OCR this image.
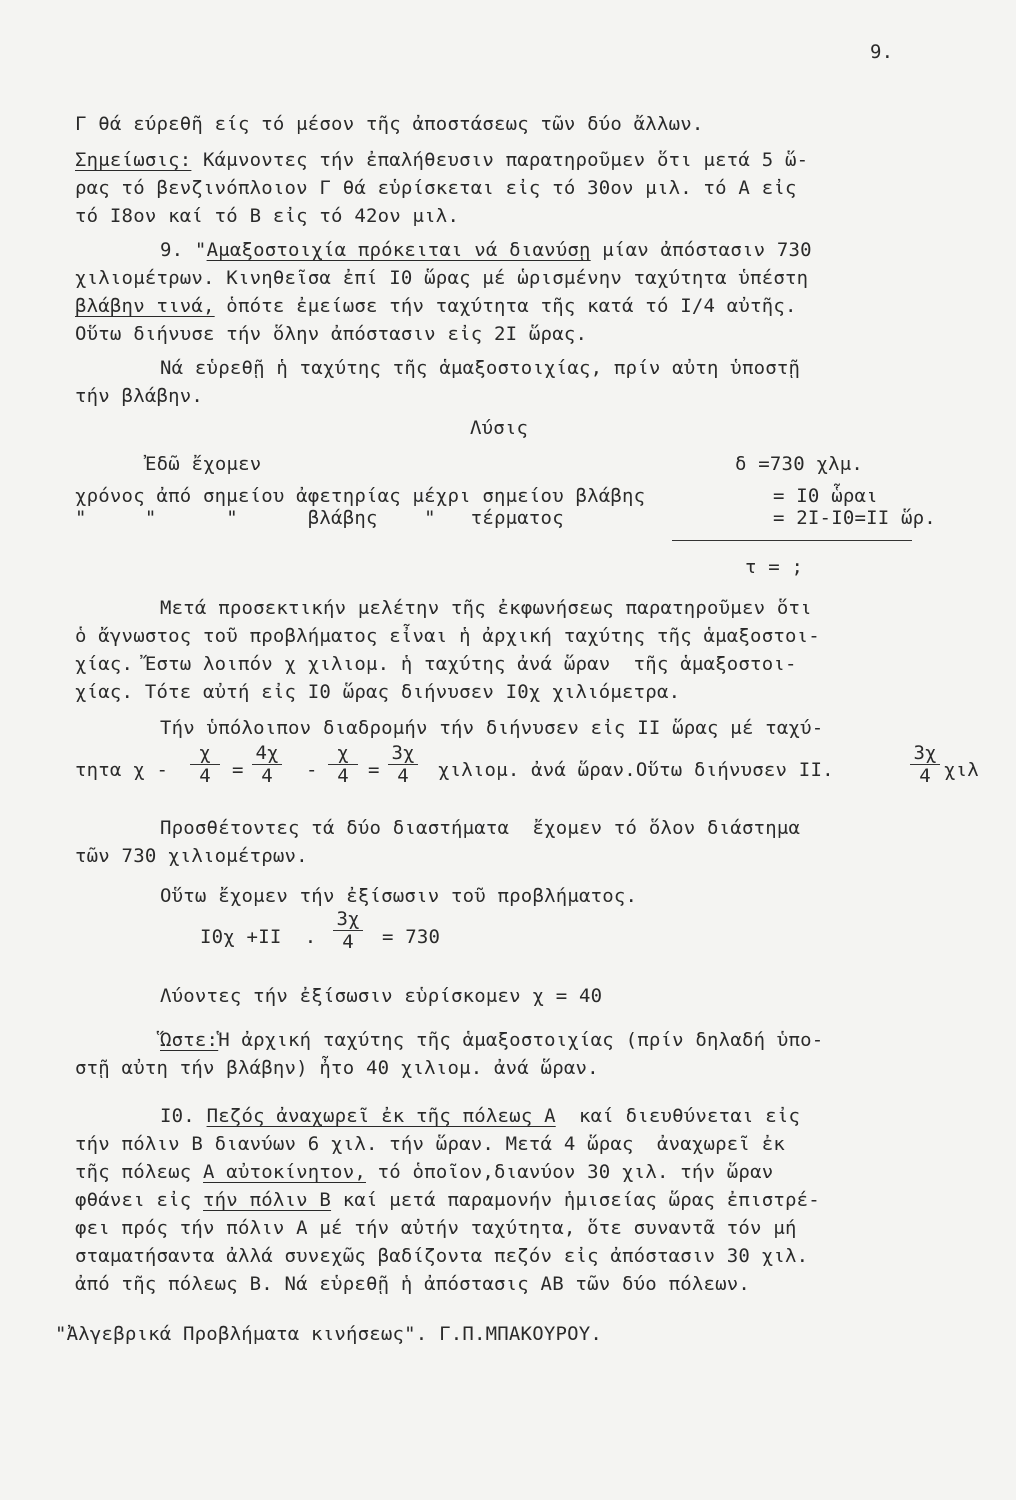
9.
Γ θά εύρεθῆ είς τό μέσον τῆς ἀποστάσεως τῶν δύο ἄλλων.
Σημείωσις: Κάμνοντες τήν ἐπαλήθευσιν παρατηροῦμεν ὅτι μετά 5 ὥ-
ρας τό βενζινόπλοιον Γ θά εὑρίσκεται εἰς τό 30ον μιλ. τό Α εἰς
τό Ι8ον καί τό Β εἰς τό 42ον μιλ.
9. "Αμαξοστοιχία πρόκειται νά διανύσῃ μίαν ἀπόστασιν 730
χιλιομέτρων. Κινηθεῖσα ἐπί Ι0 ὥρας μέ ὡρισμένην ταχύτητα ὑπέστη
βλάβην τινά, ὁπότε ἐμείωσε τήν ταχύτητα τῆς κατά τό Ι/4 αὐτῆς.
Οὕτω διήνυσε τήν ὅλην ἀπόστασιν εἰς 2Ι ὥρας.
Νά εὑρεθῇ ἡ ταχύτης τῆς ἁμαξοστοιχίας, πρίν αὐτη ὑποστῇ
τήν βλάβην.
Λύσις
Ἐδῶ ἔχομεν	δ =730 χλμ.
χρόνος ἀπό σημείου ἀφετηρίας μέχρι σημείου βλάβης	= Ι0 ὧραι
"     "      "      βλάβης    "   τέρματος	= 2Ι-Ι0=ΙΙ ὥρ.
τ = ;
Μετά προσεκτικήν μελέτην τῆς ἐκφωνήσεως παρατηροῦμεν ὅτι
ὁ ἄγνωστος τοῦ προβλήματος εἶναι ἡ ἀρχική ταχύτης τῆς ἁμαξοστοι-
χίας. Ἔστω λοιπόν χ χιλιομ. ἡ ταχύτης ἀνά ὥραν  τῆς ἁμαξοστοι-
χίας. Τότε αὐτή εἰς Ι0 ὥρας διήνυσεν Ι0χ χιλιόμετρα.
Τήν ὑπόλοιπον διαδρομήν τήν διήνυσεν εἰς ΙΙ ὥρας μέ ταχύ-
τητα $\chi - \frac{\chi}{4} = \frac{4\chi}{4} - \frac{\chi}{4} = \frac{3\chi}{4} \chi\iota\lambda\iota o\mu$. ἀνά ὥραν.Οὕτω διήνυσεν ΙΙ.	$\frac{3\chi}{4}$ χιλ
Προσθέτοντες τά δύο διαστήματα  ἔχομεν τό ὅλον διάστημα
τῶν 730 χιλιομέτρων.
Οὕτω ἔχομεν τήν ἐξίσωσιν τοῦ προβλήματος.
Ι0χ +ΙΙ  . $\frac{3\chi}{4} = 730$
Λύοντες τήν ἐξίσωσιν εὑρίσκομεν χ = 40
Ὥστε:Ἡ ἀρχική ταχύτης τῆς ἁμαξοστοιχίας (πρίν δηλαδή ὑπο-
στῇ αὐτη τήν βλάβην) ἦτο 40 χιλιομ. ἀνά ὥραν.
Ι0. Πεζός ἀναχωρεῖ ἐκ τῆς πόλεως Α  καί διευθύνεται εἰς
τήν πόλιν Β διανύων 6 χιλ. τήν ὥραν. Μετά 4 ὥρας  ἀναχωρεῖ ἐκ
τῆς πόλεως Α αὐτοκίνητον, τό ὁποῖον,διανύον 30 χιλ. τήν ὥραν
φθάνει εἰς τήν πόλιν Β καί μετά παραμονήν ἡμισείας ὥρας ἐπιστρέ-
φει πρός τήν πόλιν Α μέ τήν αὐτήν ταχύτητα, ὅτε συναντᾶ τόν μή
σταματήσαντα ἀλλά συνεχῶς βαδίζοντα πεζόν εἰς ἀπόστασιν 30 χιλ.
ἀπό τῆς πόλεως Β. Νά εὑρεθῇ ἡ ἀπόστασις ΑΒ τῶν δύο πόλεων.
"Ἀλγεβρικά Προβλήματα κινήσεως". Γ.Π.ΜΠΑΚΟΥΡΟΥ.
